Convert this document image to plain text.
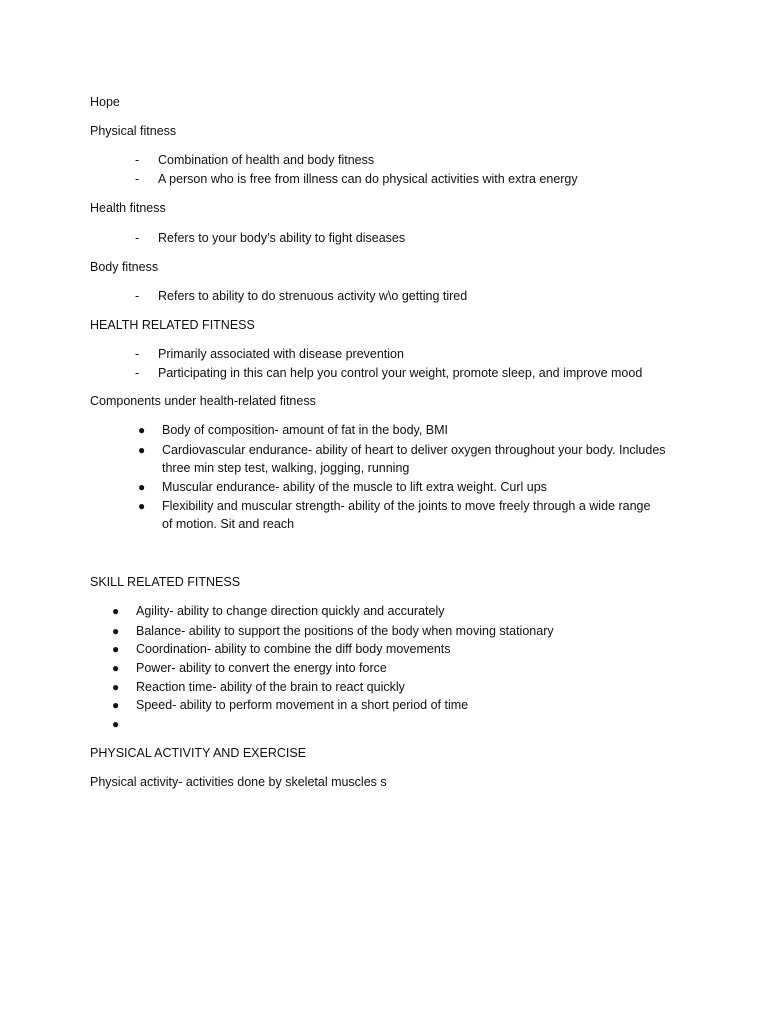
Hope
Physical fitness
- Combination of health and body fitness
- A person who is free from illness can do physical activities with extra energy
Health fitness
- Refers to your body’s ability to fight diseases
Body fitness
- Refers to ability to do strenuous activity w\o getting tired
HEALTH RELATED FITNESS
- Primarily associated with disease prevention
- Participating in this can help you control your weight, promote sleep, and improve mood
Components under health-related fitness
● Body of composition- amount of fat in the body, BMI
● Cardiovascular endurance- ability of heart to deliver oxygen throughout your body. Includes
three min step test, walking, jogging, running
● Muscular endurance- ability of the muscle to lift extra weight. Curl ups
● Flexibility and muscular strength- ability of the joints to move freely through a wide range
of motion. Sit and reach
SKILL RELATED FITNESS
● Agility- ability to change direction quickly and accurately
● Balance- ability to support the positions of the body when moving stationary
● Coordination- ability to combine the diff body movements
● Power- ability to convert the energy into force
● Reaction time- ability of the brain to react quickly
● Speed- ability to perform movement in a short period of time
●
PHYSICAL ACTIVITY AND EXERCISE
Physical activity- activities done by skeletal muscles s
